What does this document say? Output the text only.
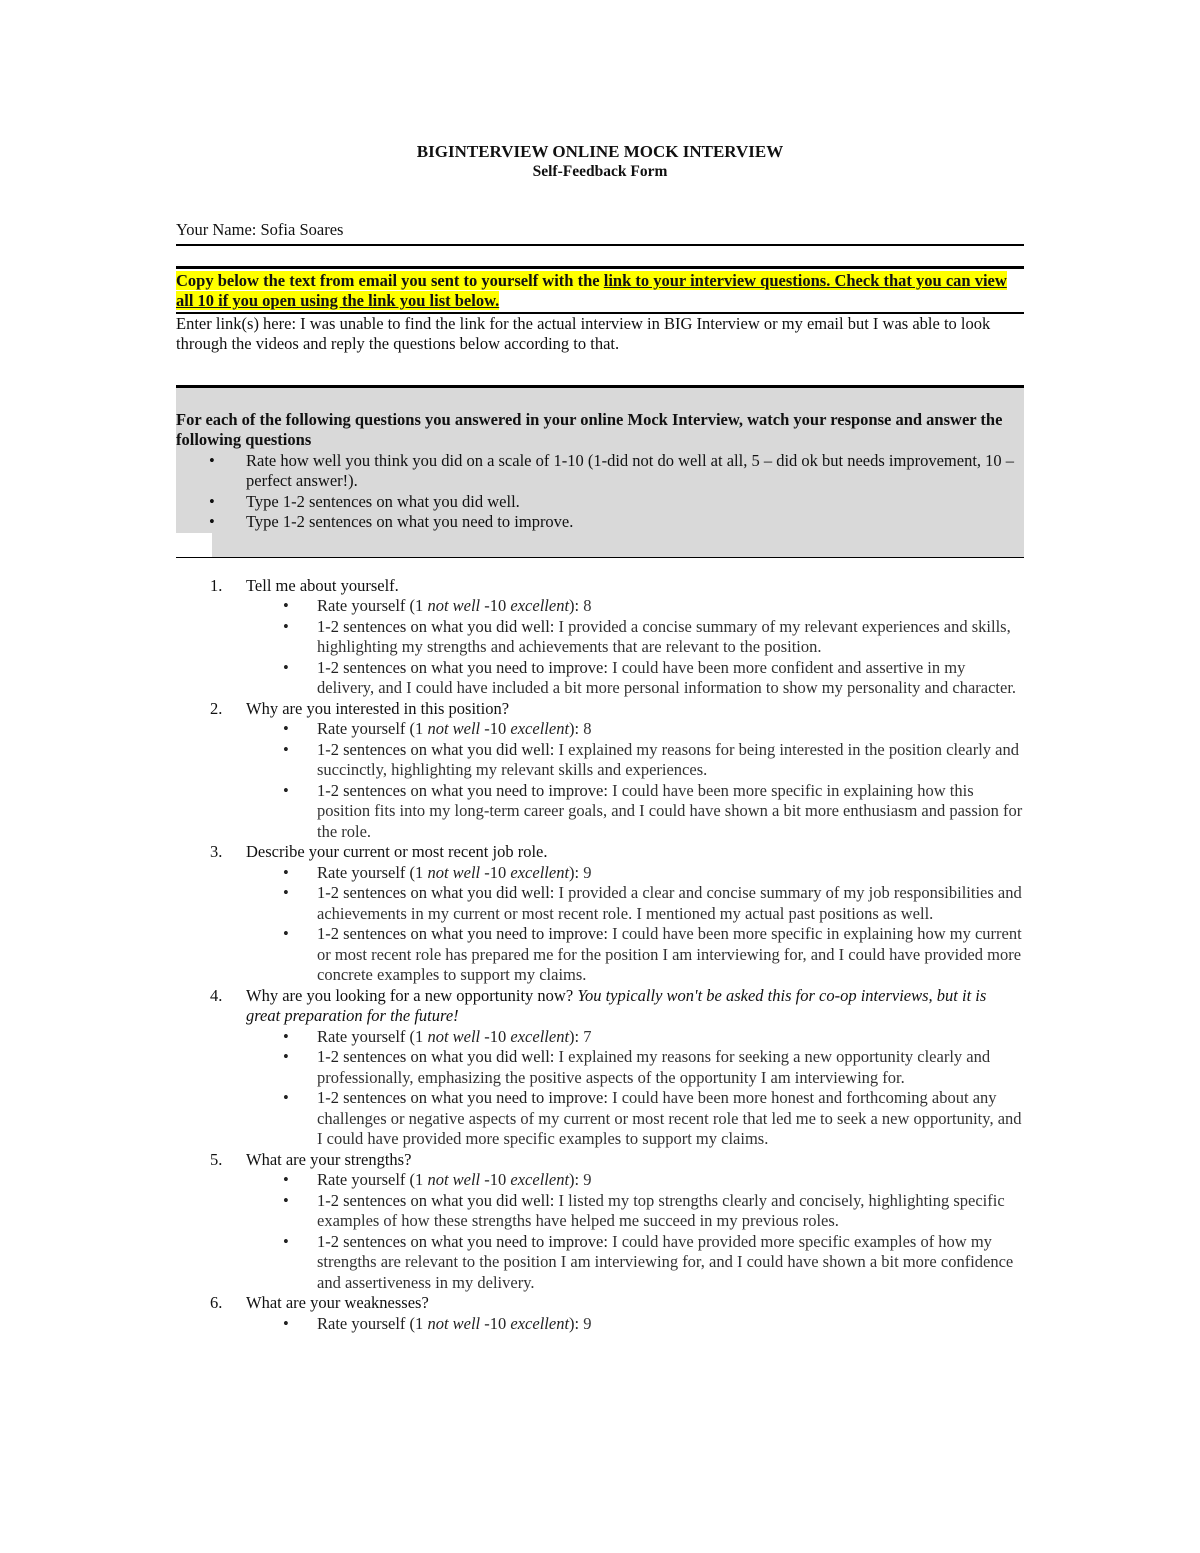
BIGINTERVIEW ONLINE MOCK INTERVIEW
Self-Feedback Form
Your Name: Sofia Soares
Copy below the text from email you sent to yourself with the link to your interview questions. Check that you can view all 10 if you open using the link you list below.
Enter link(s) here: I was unable to find the link for the actual interview in BIG Interview or my email but I was able to look through the videos and reply the questions below according to that.
For each of the following questions you answered in your online Mock Interview, watch your response and answer the following questions
• Rate how well you think you did on a scale of 1-10 (1-did not do well at all, 5 – did ok but needs improvement, 10 – perfect answer!).
• Type 1-2 sentences on what you did well.
• Type 1-2 sentences on what you need to improve.
1. Tell me about yourself.
• Rate yourself (1 not well -10 excellent): 8
• 1-2 sentences on what you did well: I provided a concise summary of my relevant experiences and skills, highlighting my strengths and achievements that are relevant to the position.
• 1-2 sentences on what you need to improve: I could have been more confident and assertive in my delivery, and I could have included a bit more personal information to show my personality and character.
2. Why are you interested in this position?
• Rate yourself (1 not well -10 excellent): 8
• 1-2 sentences on what you did well: I explained my reasons for being interested in the position clearly and succinctly, highlighting my relevant skills and experiences.
• 1-2 sentences on what you need to improve: I could have been more specific in explaining how this position fits into my long-term career goals, and I could have shown a bit more enthusiasm and passion for the role.
3. Describe your current or most recent job role.
• Rate yourself (1 not well -10 excellent): 9
• 1-2 sentences on what you did well: I provided a clear and concise summary of my job responsibilities and achievements in my current or most recent role. I mentioned my actual past positions as well.
• 1-2 sentences on what you need to improve: I could have been more specific in explaining how my current or most recent role has prepared me for the position I am interviewing for, and I could have provided more concrete examples to support my claims.
4. Why are you looking for a new opportunity now? You typically won't be asked this for co-op interviews, but it is great preparation for the future!
• Rate yourself (1 not well -10 excellent): 7
• 1-2 sentences on what you did well: I explained my reasons for seeking a new opportunity clearly and professionally, emphasizing the positive aspects of the opportunity I am interviewing for.
• 1-2 sentences on what you need to improve: I could have been more honest and forthcoming about any challenges or negative aspects of my current or most recent role that led me to seek a new opportunity, and I could have provided more specific examples to support my claims.
5. What are your strengths?
• Rate yourself (1 not well -10 excellent): 9
• 1-2 sentences on what you did well: I listed my top strengths clearly and concisely, highlighting specific examples of how these strengths have helped me succeed in my previous roles.
• 1-2 sentences on what you need to improve: I could have provided more specific examples of how my strengths are relevant to the position I am interviewing for, and I could have shown a bit more confidence and assertiveness in my delivery.
6. What are your weaknesses?
• Rate yourself (1 not well -10 excellent): 9
